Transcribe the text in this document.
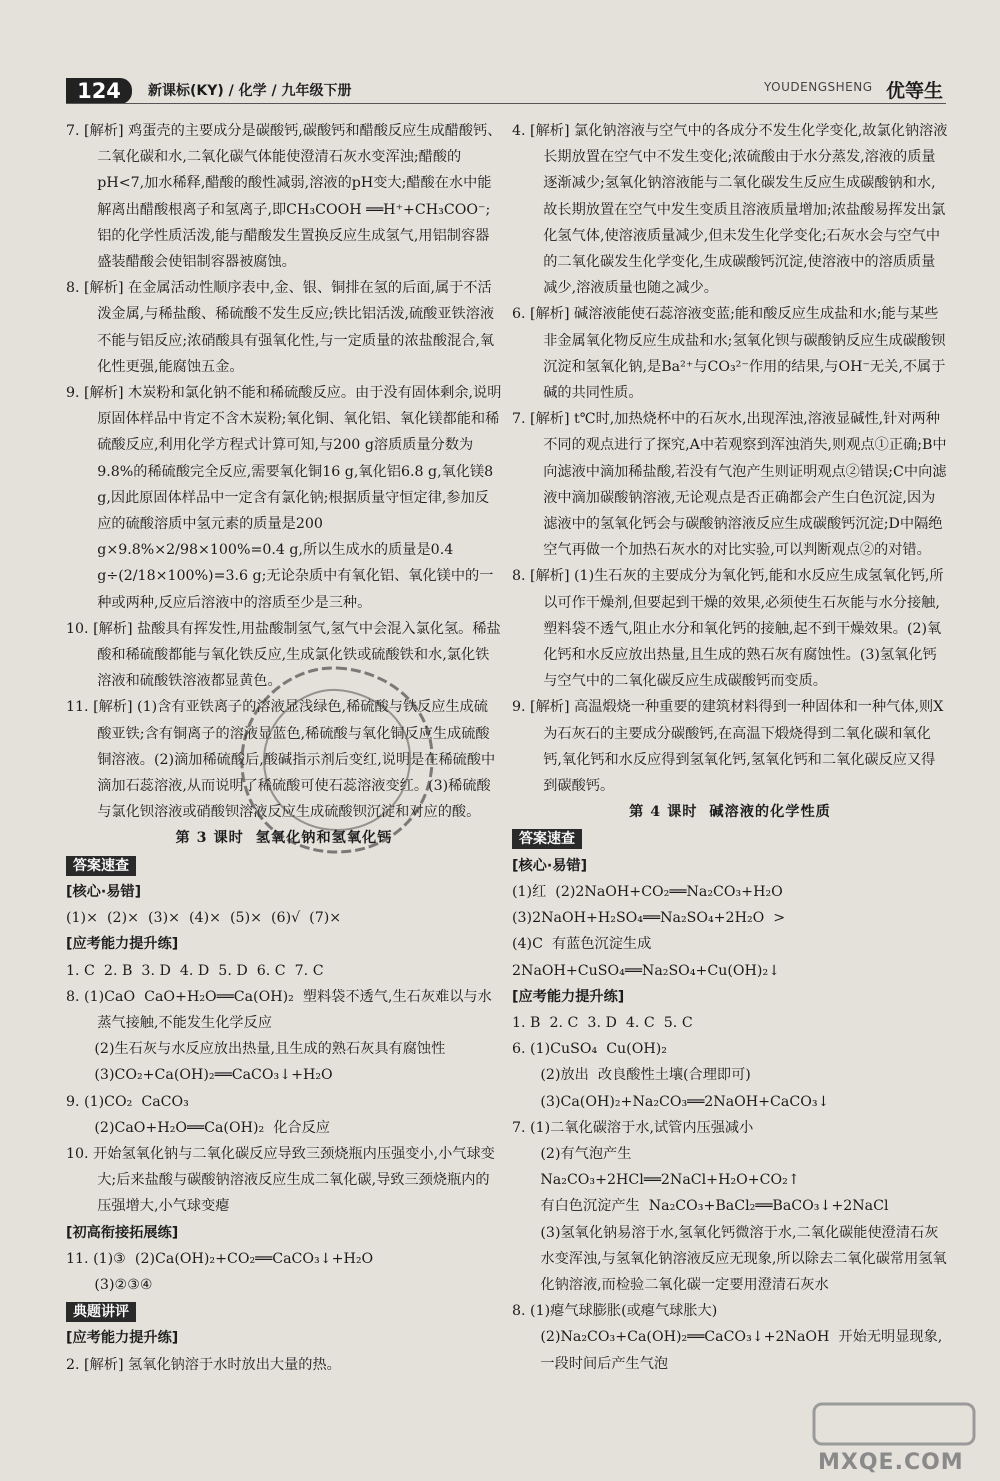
124	新课标(KY) / 化学 / 九年级下册	YOUDENGSHENG 优等生

7. [解析] 鸡蛋壳的主要成分是碳酸钙,碳酸钙和醋酸反应生成醋酸钙、二氧化碳和水,二氧化碳气体能使澄清石灰水变浑浊;醋酸的pH<7,加水稀释,醋酸的酸性减弱,溶液的pH变大;醋酸在水中能解离出醋酸根离子和氢离子,即CH₃COOH ══H⁺+CH₃COO⁻;铝的化学性质活泼,能与醋酸发生置换反应生成氢气,用铝制容器盛装醋酸会使铝制容器被腐蚀。

8. [解析] 在金属活动性顺序表中,金、银、铜排在氢的后面,属于不活泼金属,与稀盐酸、稀硫酸不发生反应;铁比铝活泼,硫酸亚铁溶液不能与铝反应;浓硝酸具有强氧化性,与一定质量的浓盐酸混合,氧化性更强,能腐蚀五金。

9. [解析] 木炭粉和氯化钠不能和稀硫酸反应。由于没有固体剩余,说明原固体样品中肯定不含木炭粉;氧化铜、氧化铝、氧化镁都能和稀硫酸反应,利用化学方程式计算可知,与200 g溶质质量分数为9.8%的稀硫酸完全反应,需要氧化铜16 g,氧化铝6.8 g,氧化镁8 g,因此原固体样品中一定含有氯化钠;根据质量守恒定律,参加反应的硫酸溶质中氢元素的质量是200 g×9.8%×2/98×100%=0.4 g,所以生成水的质量是0.4 g÷(2/18×100%)=3.6 g;无论杂质中有氧化铝、氧化镁中的一种或两种,反应后溶液中的溶质至少是三种。

10. [解析] 盐酸具有挥发性,用盐酸制氢气,氢气中会混入氯化氢。稀盐酸和稀硫酸都能与氧化铁反应,生成氯化铁或硫酸铁和水,氯化铁溶液和硫酸铁溶液都显黄色。

11. [解析] (1)含有亚铁离子的溶液显浅绿色,稀硫酸与铁反应生成硫酸亚铁;含有铜离子的溶液显蓝色,稀硫酸与氧化铜反应生成硫酸铜溶液。(2)滴加稀硫酸后,酸碱指示剂后变红,说明是在稀硫酸中滴加石蕊溶液,从而说明了稀硫酸可使石蕊溶液变红。(3)稀硫酸与氯化钡溶液或硝酸钡溶液反应生成硫酸钡沉淀和对应的酸。

第 3 课时  氢氧化钠和氢氧化钙

答案速查

[核心·易错]

(1)×  (2)×  (3)×  (4)×  (5)×  (6)√  (7)×

[应考能力提升练]

1. C  2. B  3. D  4. D  5. D  6. C  7. C

8. (1)CaO  CaO+H₂O══Ca(OH)₂  塑料袋不透气,生石灰难以与水蒸气接触,不能发生化学反应

(2)生石灰与水反应放出热量,且生成的熟石灰具有腐蚀性

(3)CO₂+Ca(OH)₂══CaCO₃↓+H₂O

9. (1)CO₂  CaCO₃

(2)CaO+H₂O══Ca(OH)₂  化合反应

10. 开始氢氧化钠与二氧化碳反应导致三颈烧瓶内压强变小,小气球变大;后来盐酸与碳酸钠溶液反应生成二氧化碳,导致三颈烧瓶内的压强增大,小气球变瘪

[初高衔接拓展练]

11. (1)③  (2)Ca(OH)₂+CO₂══CaCO₃↓+H₂O

(3)②③④

典题讲评

[应考能力提升练]

2. [解析] 氢氧化钠溶于水时放出大量的热。

4. [解析] 氯化钠溶液与空气中的各成分不发生化学变化,故氯化钠溶液长期放置在空气中不发生变化;浓硫酸由于水分蒸发,溶液的质量逐渐减少;氢氧化钠溶液能与二氧化碳发生反应生成碳酸钠和水,故长期放置在空气中发生变质且溶液质量增加;浓盐酸易挥发出氯化氢气体,使溶液质量减少,但未发生化学变化;石灰水会与空气中的二氧化碳发生化学变化,生成碳酸钙沉淀,使溶液中的溶质质量减少,溶液质量也随之减少。

6. [解析] 碱溶液能使石蕊溶液变蓝;能和酸反应生成盐和水;能与某些非金属氧化物反应生成盐和水;氢氧化钡与碳酸钠反应生成碳酸钡沉淀和氢氧化钠,是Ba²⁺与CO₃²⁻作用的结果,与OH⁻无关,不属于碱的共同性质。

7. [解析] t℃时,加热烧杯中的石灰水,出现浑浊,溶液显碱性,针对两种不同的观点进行了探究,A中若观察到浑浊消失,则观点①正确;B中向滤液中滴加稀盐酸,若没有气泡产生则证明观点②错误;C中向滤液中滴加碳酸钠溶液,无论观点是否正确都会产生白色沉淀,因为滤液中的氢氧化钙会与碳酸钠溶液反应生成碳酸钙沉淀;D中隔绝空气再做一个加热石灰水的对比实验,可以判断观点②的对错。

8. [解析] (1)生石灰的主要成分为氧化钙,能和水反应生成氢氧化钙,所以可作干燥剂,但要起到干燥的效果,必须使生石灰能与水分接触,塑料袋不透气,阻止水分和氧化钙的接触,起不到干燥效果。(2)氧化钙和水反应放出热量,且生成的熟石灰有腐蚀性。(3)氢氧化钙与空气中的二氧化碳反应生成碳酸钙而变质。

9. [解析] 高温煅烧一种重要的建筑材料得到一种固体和一种气体,则X为石灰石的主要成分碳酸钙,在高温下煅烧得到二氧化碳和氧化钙,氧化钙和水反应得到氢氧化钙,氢氧化钙和二氧化碳反应又得到碳酸钙。

第 4 课时  碱溶液的化学性质

答案速查

[核心·易错]

(1)红  (2)2NaOH+CO₂══Na₂CO₃+H₂O

(3)2NaOH+H₂SO₄══Na₂SO₄+2H₂O  >

(4)C  有蓝色沉淀生成

2NaOH+CuSO₄══Na₂SO₄+Cu(OH)₂↓

[应考能力提升练]

1. B  2. C  3. D  4. C  5. C

6. (1)CuSO₄  Cu(OH)₂

(2)放出  改良酸性土壤(合理即可)

(3)Ca(OH)₂+Na₂CO₃══2NaOH+CaCO₃↓

7. (1)二氧化碳溶于水,试管内压强减小

(2)有气泡产生

Na₂CO₃+2HCl══2NaCl+H₂O+CO₂↑

有白色沉淀产生  Na₂CO₃+BaCl₂══BaCO₃↓+2NaCl

(3)氢氧化钠易溶于水,氢氧化钙微溶于水,二氧化碳能使澄清石灰水变浑浊,与氢氧化钠溶液反应无现象,所以除去二氧化碳常用氢氧化钠溶液,而检验二氧化碳一定要用澄清石灰水

8. (1)瘪气球膨胀(或瘪气球胀大)

(2)Na₂CO₃+Ca(OH)₂══CaCO₃↓+2NaOH  开始无明显现象,一段时间后产生气泡

MXQE.COM
